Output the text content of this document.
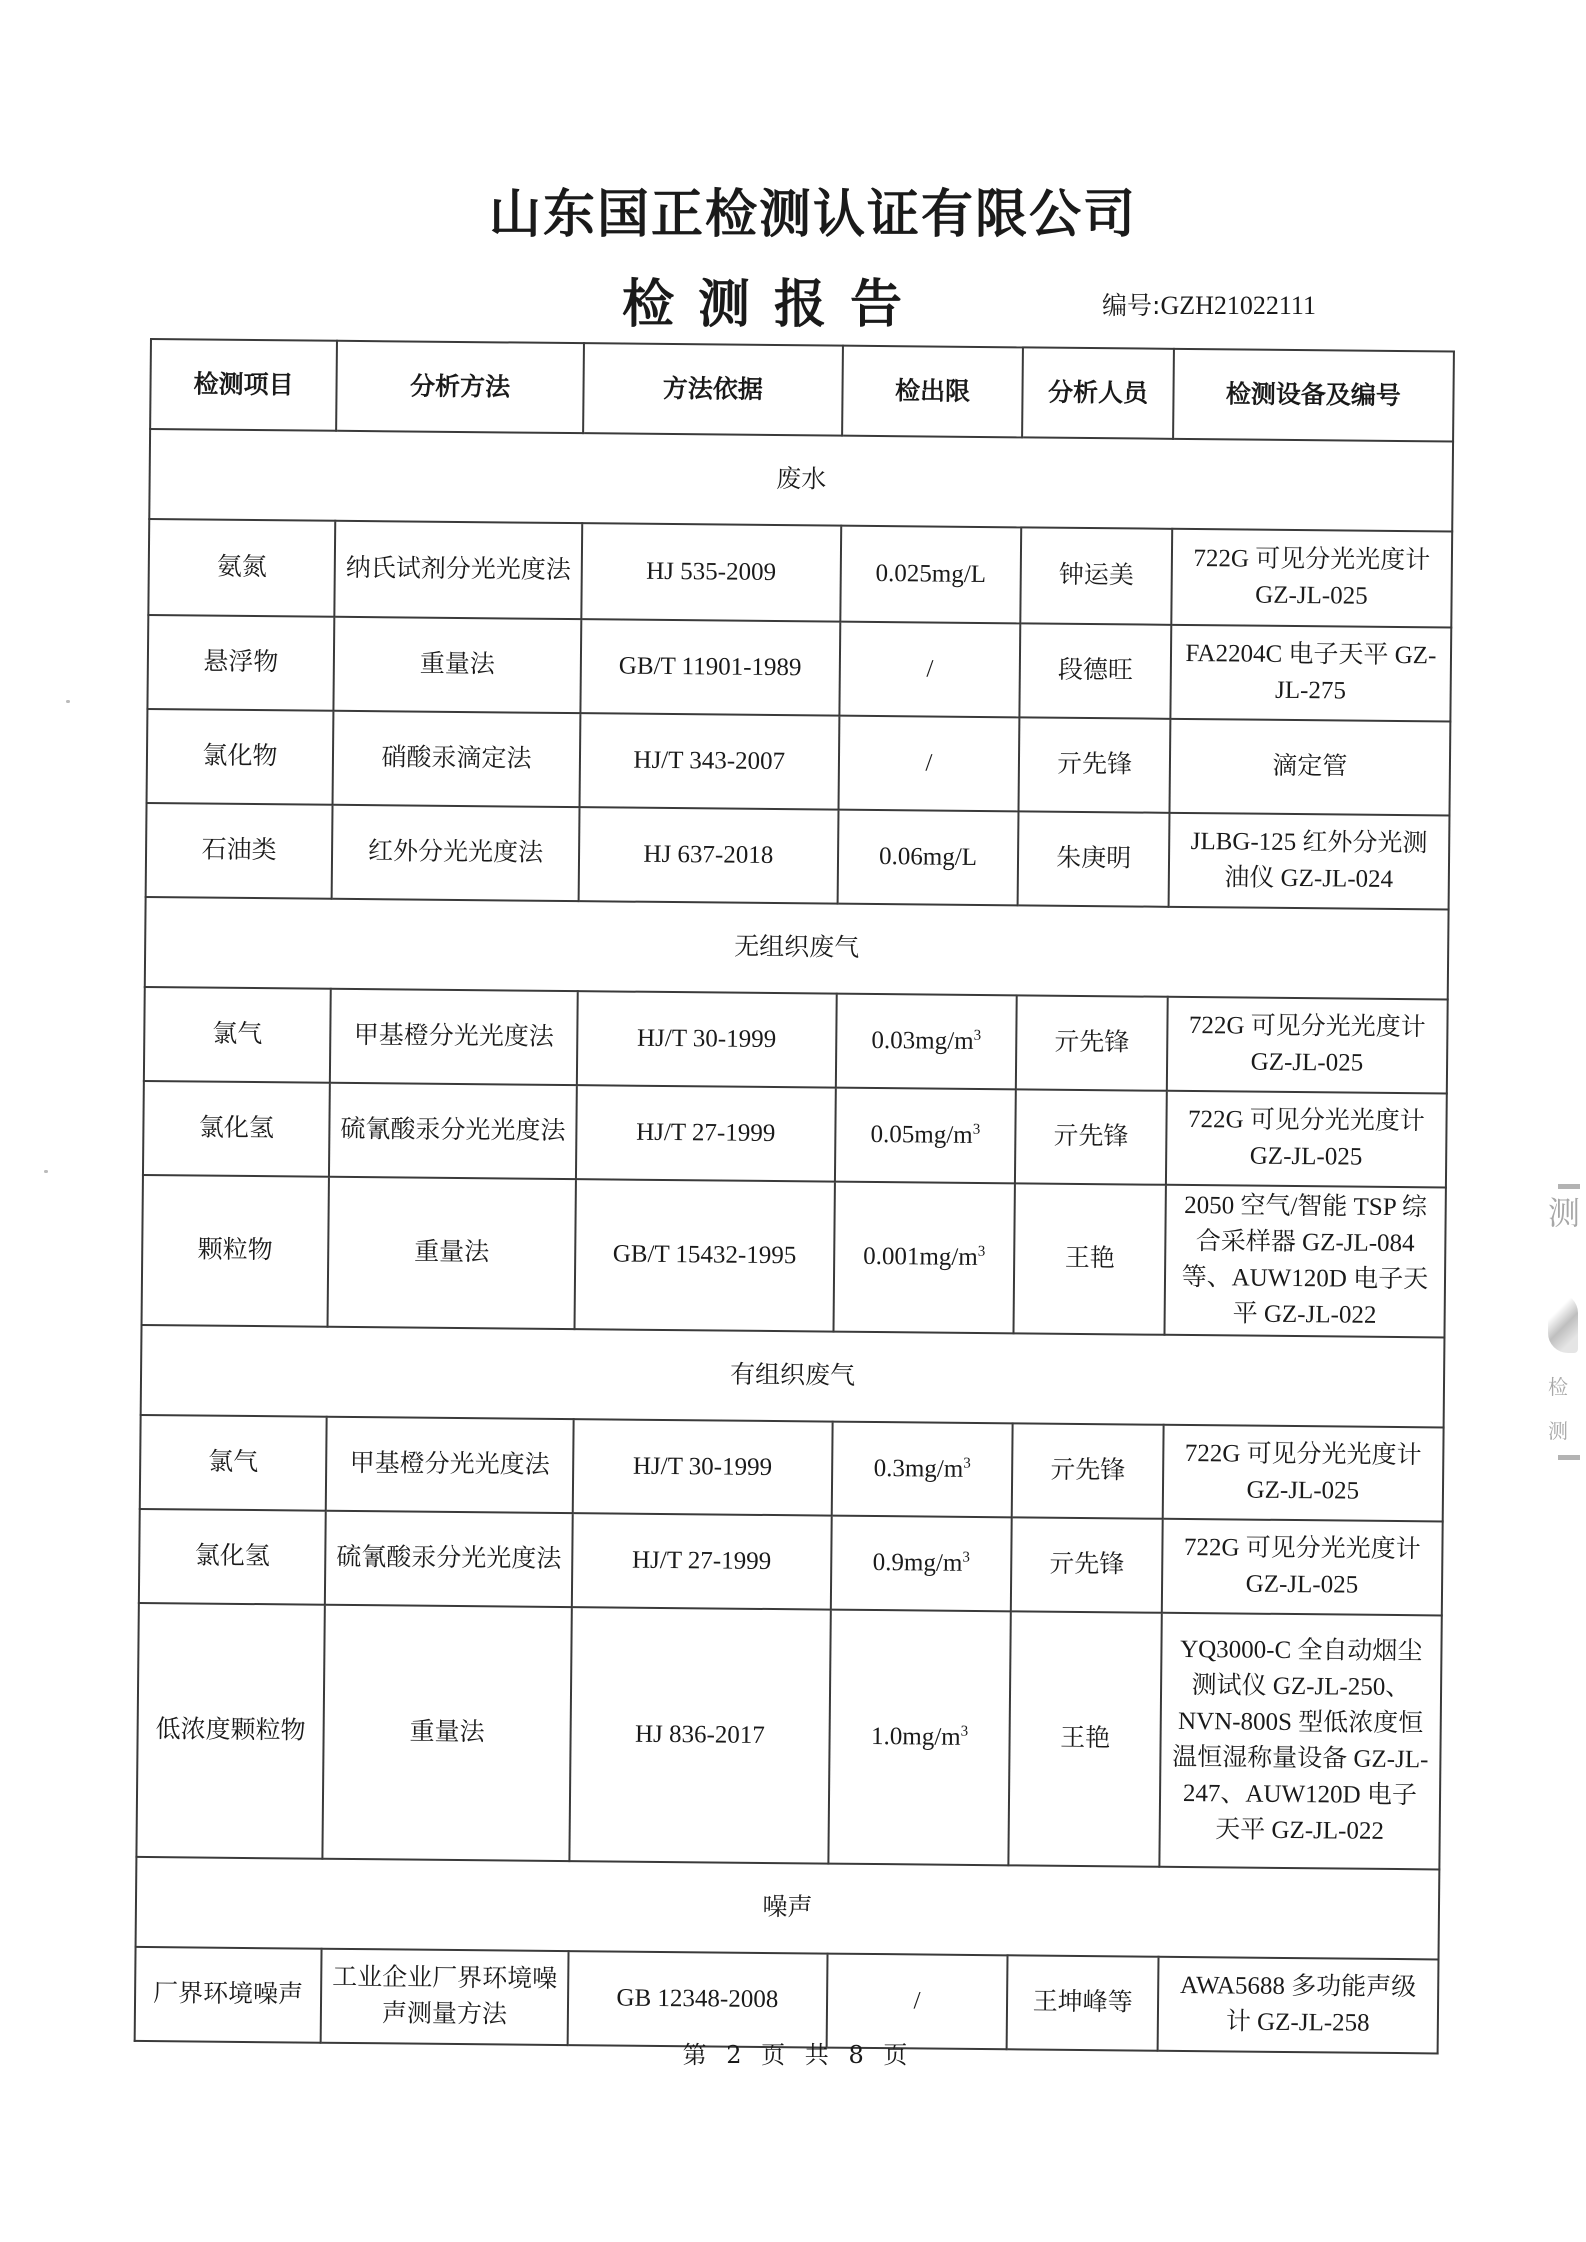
山东国正检测认证有限公司
检测报告	编号:GZH21022111
检测项目	分析方法	方法依据	检出限	分析人员	检测设备及编号
废水					
氨氮	纳氏试剂分光光度法	HJ 535-2009	0.025mg/L	钟运美	722G 可见分光光度计 GZ-JL-025
悬浮物	重量法	GB/T 11901-1989	/	段德旺	FA2204C 电子天平 GZ-JL-275
氯化物	硝酸汞滴定法	HJ/T 343-2007	/	亓先锋	滴定管
石油类	红外分光光度法	HJ 637-2018	0.06mg/L	朱庚明	JLBG-125 红外分光测油仪 GZ-JL-024
无组织废气					
氯气	甲基橙分光光度法	HJ/T 30-1999	$0.03mg/m^3$	亓先锋	722G 可见分光光度计 GZ-JL-025
氯化氢	硫氰酸汞分光光度法	HJ/T 27-1999	$0.05mg/m^3$	亓先锋	722G 可见分光光度计 GZ-JL-025
颗粒物	重量法	GB/T 15432-1995	$0.001mg/m^3$	王艳	2050 空气/智能 TSP 综合采样器 GZ-JL-084 等、AUW120D 电子天平 GZ-JL-022
有组织废气					
氯气	甲基橙分光光度法	HJ/T 30-1999	$0.3mg/m^3$	亓先锋	722G 可见分光光度计 GZ-JL-025
氯化氢	硫氰酸汞分光光度法	HJ/T 27-1999	$0.9mg/m^3$	亓先锋	722G 可见分光光度计 GZ-JL-025
低浓度颗粒物	重量法	HJ 836-2017	$1.0mg/m^3$	王艳	YQ3000-C 全自动烟尘测试仪 GZ-JL-250、NVN-800S 型低浓度恒温恒湿称量设备 GZ-JL-247、AUW120D 电子天平 GZ-JL-022
噪声					
厂界环境噪声	工业企业厂界环境噪声测量方法	GB 12348-2008	/	王坤峰等	AWA5688 多功能声级计 GZ-JL-258
第 2 页 共 8 页
测
检测
